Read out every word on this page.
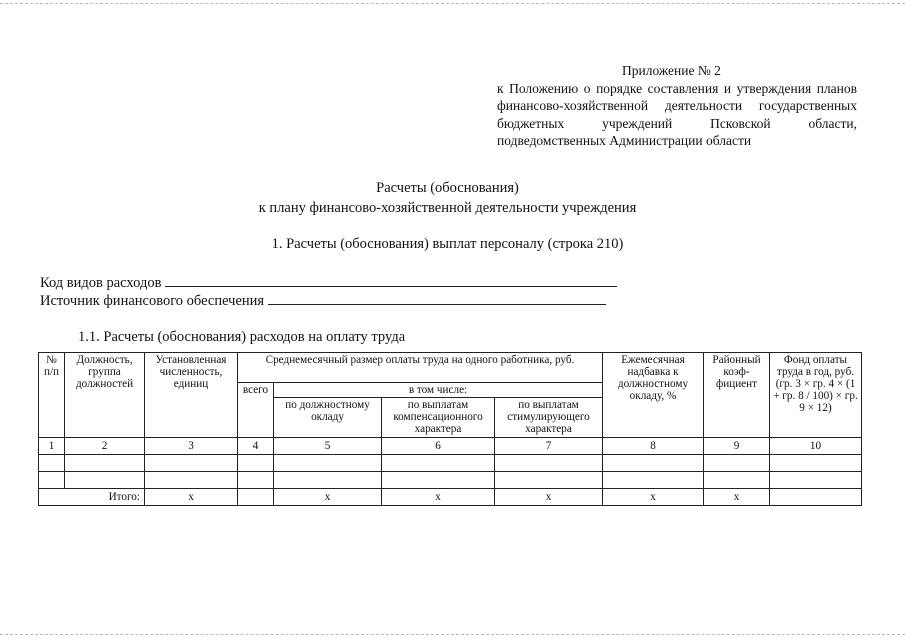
Приложение № 2
к Положению о порядке составления и утверждения планов финансово-хозяйственной деятельности государственных бюджетных учреждений Псковской области, подведомственных Администрации области
Расчеты (обоснования)
к плану финансово-хозяйственной деятельности учреждения
1. Расчеты (обоснования) выплат персоналу (строка 210)
Код видов расходов
Источник финансового обеспечения
1.1. Расчеты (обоснования) расходов на оплату труда
№ п/п	Должность, группа должностей	Установленная численность, единиц	Среднемесячный размер оплаты труда на одного работника, руб.				Ежемесячная надбавка к должностному окладу, %	Районный коэф-фициент	Фонд оплаты труда в год, руб. (гр. 3 × гр. 4 × (1 + гр. 8 / 100) × гр. 9 × 12)
			всего	в том числе:					
				по должностному окладу	по выплатам компенсационного характера	по выплатам стимулирующего характера			
1	2	3	4	5	6	7	8	9	10

Итого:		x		x	x	x	x	x	
